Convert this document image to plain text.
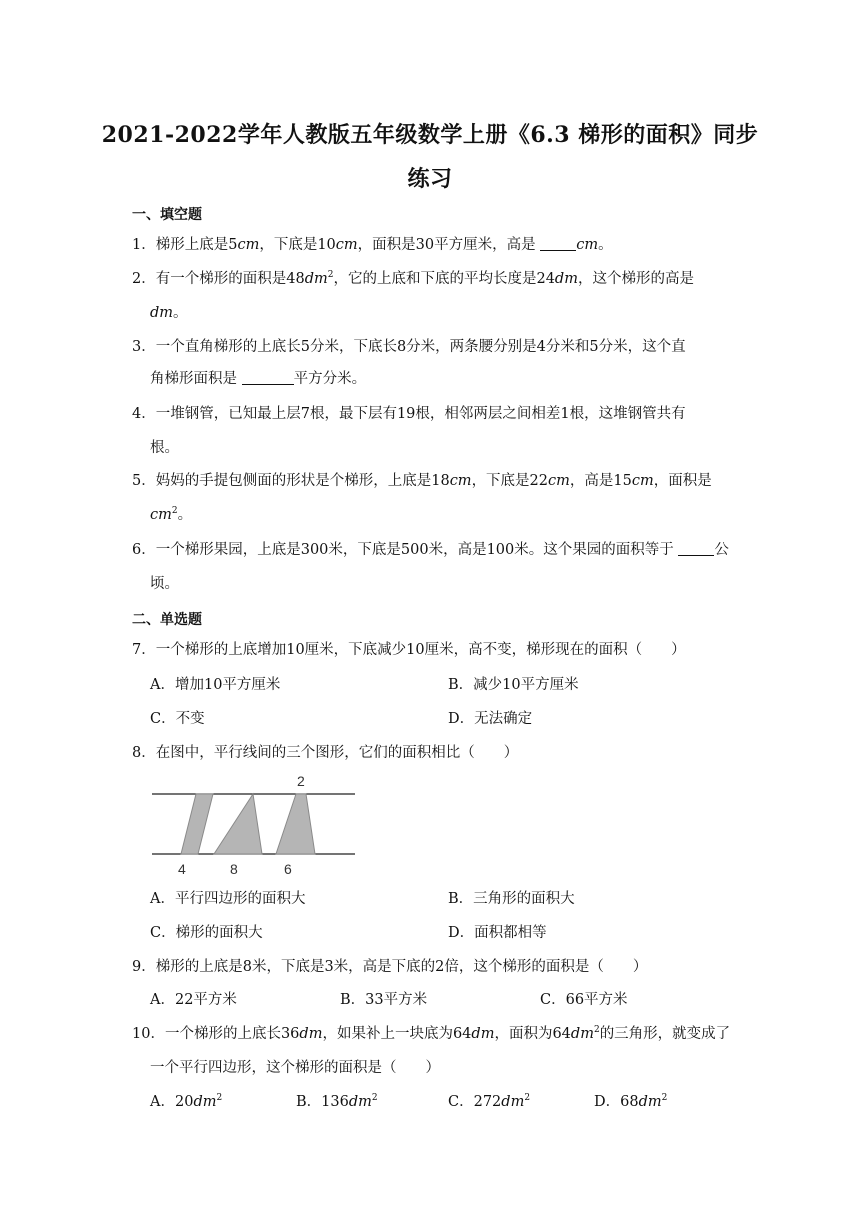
2021-2022学年人教版五年级数学上册《6.3 梯形的面积》同步
练习
一、填空题
1．梯形上底是5cm，下底是10cm，面积是30平方厘米，高是 cm。
2．有一个梯形的面积是$48dm^2$，它的上底和下底的平均长度是24dm，这个梯形的高是
dm。
3．一个直角梯形的上底长5分米，下底长8分米，两条腰分别是4分米和5分米，这个直
角梯形面积是	平方分米。
4．一堆钢管，已知最上层7根，最下层有19根，相邻两层之间相差1根，这堆钢管共有
根。
5．妈妈的手提包侧面的形状是个梯形，上底是18cm，下底是22cm，高是15cm，面积是
$cm^2$。
6．一个梯形果园，上底是300米，下底是500米，高是100米。这个果园的面积等于 公
顷。
二、单选题
7．一个梯形的上底增加10厘米，下底减少10厘米，高不变，梯形现在的面积（　　）
A．增加10平方厘米	B．减少10平方厘米
C．不变	D．无法确定
8．在图中，平行线间的三个图形，它们的面积相比（　　）
2
4	8	6
A．平行四边形的面积大	B．三角形的面积大
C．梯形的面积大	D．面积都相等
9．梯形的上底是8米，下底是3米，高是下底的2倍，这个梯形的面积是（　　）
A．22平方米	B．33平方米	C．66平方米
10．一个梯形的上底长36dm，如果补上一块底为64dm，面积为$64dm^2$的三角形，就变成了
一个平行四边形，这个梯形的面积是（　　）
A．$20dm^2$	B．$136dm^2$	C．$272dm^2$	D．$68dm^2$
